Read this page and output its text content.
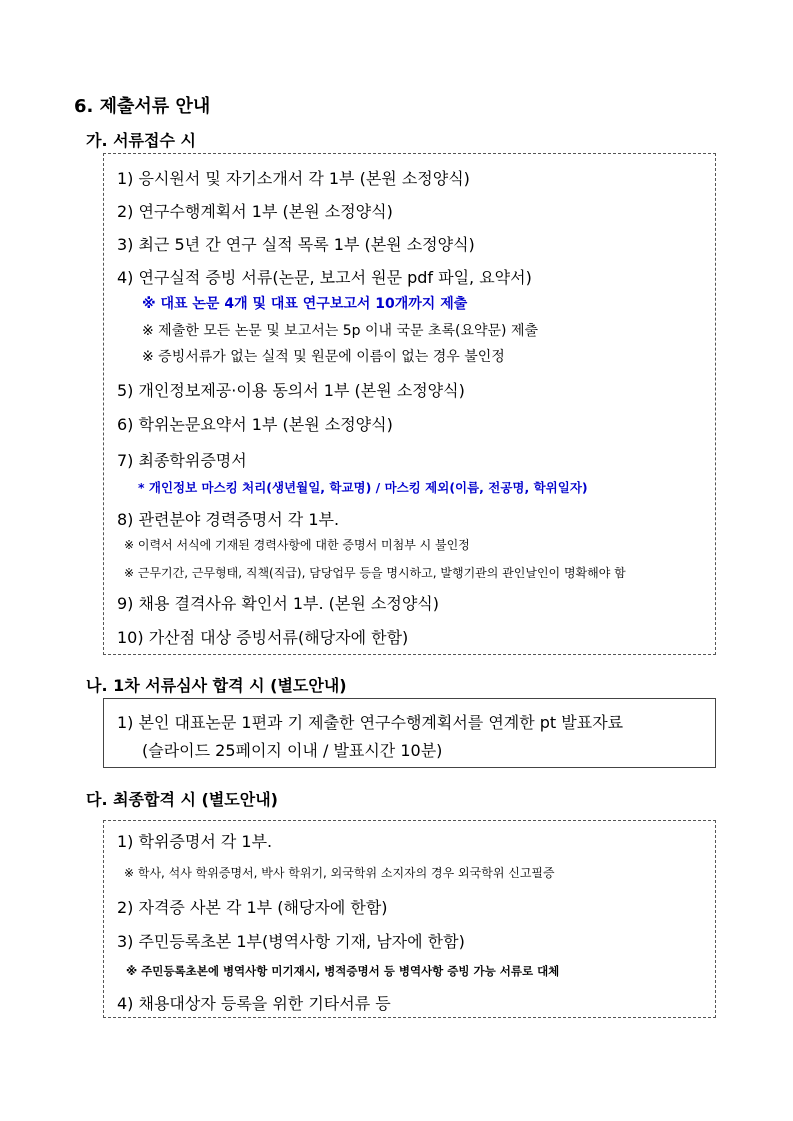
6. 제출서류 안내
가. 서류접수 시
1) 응시원서 및 자기소개서 각 1부 (본원 소정양식)
2) 연구수행계획서 1부 (본원 소정양식)
3) 최근 5년 간 연구 실적 목록 1부 (본원 소정양식)
4) 연구실적 증빙 서류(논문, 보고서 원문 pdf 파일, 요약서)
※ 대표 논문 4개 및 대표 연구보고서 10개까지 제출
※ 제출한 모든 논문 및 보고서는 5p 이내 국문 초록(요약문) 제출
※ 증빙서류가 없는 실적 및 원문에 이름이 없는 경우 불인정
5) 개인정보제공·이용 동의서 1부 (본원 소정양식)
6) 학위논문요약서 1부 (본원 소정양식)
7) 최종학위증명서
* 개인정보 마스킹 처리(생년월일, 학교명) / 마스킹 제외(이름, 전공명, 학위일자)
8) 관련분야 경력증명서 각 1부.
※ 이력서 서식에 기재된 경력사항에 대한 증명서 미첨부 시 불인정
※ 근무기간, 근무형태, 직책(직급), 담당업무 등을 명시하고, 발행기관의 관인날인이 명확해야 함
9) 채용 결격사유 확인서 1부. (본원 소정양식)
10) 가산점 대상 증빙서류(해당자에 한함)
나. 1차 서류심사 합격 시 (별도안내)
1) 본인 대표논문 1편과 기 제출한 연구수행계획서를 연계한 pt 발표자료
(슬라이드 25페이지 이내 / 발표시간 10분)
다. 최종합격 시 (별도안내)
1) 학위증명서 각 1부.
※ 학사, 석사 학위증명서, 박사 학위기, 외국학위 소지자의 경우 외국학위 신고필증
2) 자격증 사본 각 1부 (해당자에 한함)
3) 주민등록초본 1부(병역사항 기재, 남자에 한함)
※ 주민등록초본에 병역사항 미기재시, 병적증명서 등 병역사항 증빙 가능 서류로 대체
4) 채용대상자 등록을 위한 기타서류 등
